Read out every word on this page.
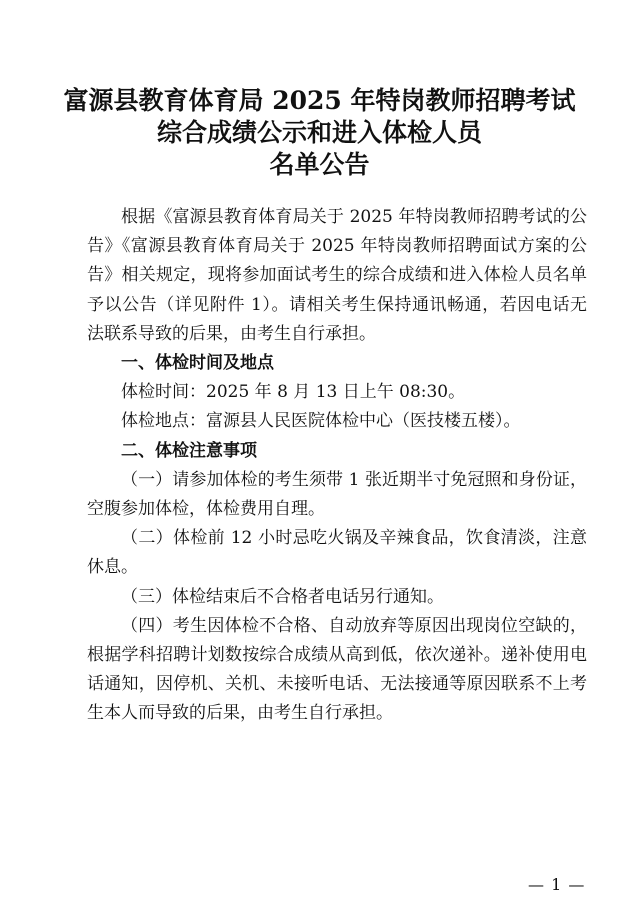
富源县教育体育局 2025 年特岗教师招聘考试
综合成绩公示和进入体检人员
名单公告

根据《富源县教育体育局关于 2025 年特岗教师招聘考试的公告》《富源县教育体育局关于 2025 年特岗教师招聘面试方案的公告》相关规定，现将参加面试考生的综合成绩和进入体检人员名单予以公告（详见附件 1）。请相关考生保持通讯畅通，若因电话无法联系导致的后果，由考生自行承担。

一、体检时间及地点

体检时间：2025 年 8 月 13 日上午 08:30。

体检地点：富源县人民医院体检中心（医技楼五楼）。

二、体检注意事项

（一）请参加体检的考生须带 1 张近期半寸免冠照和身份证，空腹参加体检，体检费用自理。

（二）体检前 12 小时忌吃火锅及辛辣食品，饮食清淡，注意休息。

（三）体检结束后不合格者电话另行通知。

（四）考生因体检不合格、自动放弃等原因出现岗位空缺的，根据学科招聘计划数按综合成绩从高到低，依次递补。递补使用电话通知，因停机、关机、未接听电话、无法接通等原因联系不上考生本人而导致的后果，由考生自行承担。

— 1 —
